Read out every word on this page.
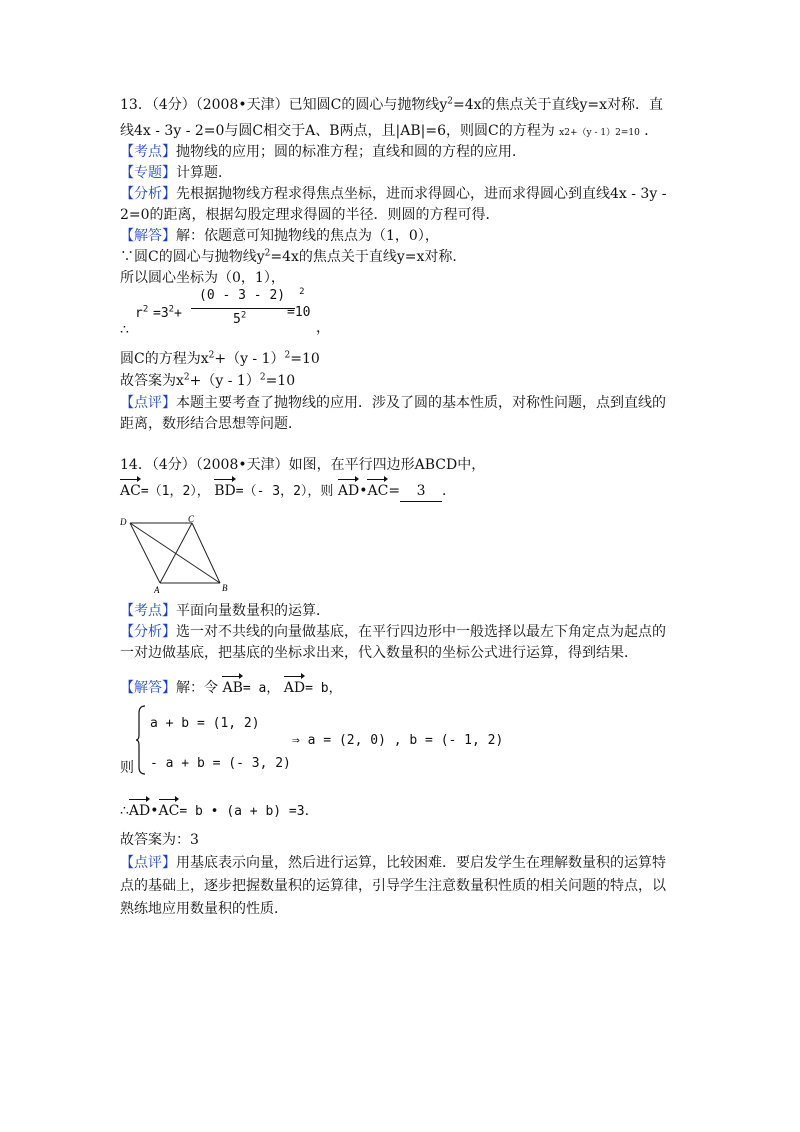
13．（4分）（2008•天津）已知圆C的圆心与抛物线$y^2=4x$的焦点关于直线y=x对称．直
线4x - 3y - 2=0与圆C相交于A、B两点，且|AB|=6，则圆C的方程为 x2+（y - 1）2=10 ．
【考点】抛物线的应用；圆的标准方程；直线和圆的方程的应用．
【专题】计算题．
【分析】先根据抛物线方程求得焦点坐标，进而求得圆心，进而求得圆心到直线4x - 3y -
2=0的距离，根据勾股定理求得圆的半径．则圆的方程可得．
【解答】解：依题意可知抛物线的焦点为（1，0），
∵圆C的圆心与抛物线$y^2=4x$的焦点关于直线y=x对称．
所以圆心坐标为（0，1），
$r^2 =3^2+$
(0 - 3 - 2) $^2$
$5^2$	=10
∴	，
圆C的方程为$x^2+(y - 1)^2=10$
故答案为$x^2+(y - 1)^2=10$
【点评】本题主要考查了抛物线的应用．涉及了圆的基本性质，对称性问题，点到直线的
距离，数形结合思想等问题．
14．（4分）（2008•天津）如图，在平行四边形ABCD中，
AC=（1，2）， BD=（- 3，2），则 AD•AC= 3 ．
D	C
A	B
【考点】平面向量数量积的运算．
【分析】选一对不共线的向量做基底，在平行四边形中一般选择以最左下角定点为起点的
一对边做基底，把基底的坐标求出来，代入数量积的坐标公式进行运算，得到结果．
【解答】解：令 AB= a， AD= b，
a + b = (1, 2)
- a + b = (- 3, 2)
则
⇒ a = (2, 0) , b = (- 1, 2)
∴AD•AC= b • (a + b) =3.
故答案为：3
【点评】用基底表示向量，然后进行运算，比较困难．要启发学生在理解数量积的运算特
点的基础上，逐步把握数量积的运算律，引导学生注意数量积性质的相关问题的特点，以
熟练地应用数量积的性质．
